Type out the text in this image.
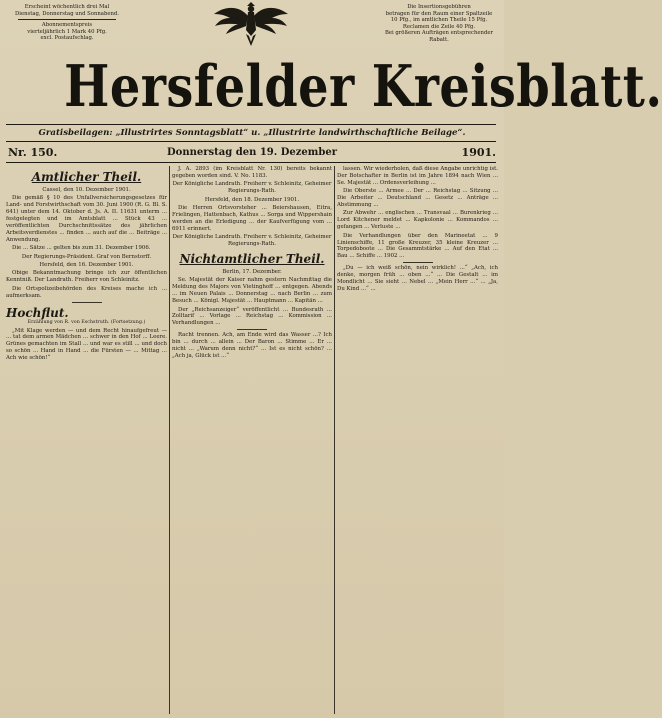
Erscheint wöchentlich drei Mal
Dienstag, Donnerstag und Sonnabend.
Abonnementspreis
vierteljährlich 1 Mark 40 Pfg.
excl. Postaufschlag.
Die Insertionsgebühren
betragen für den Raum einer Spaltzeile
10 Pfg., im amtlichen Theile 15 Pfg.
Reclamen die Zeile 40 Pfg.
Bei größeren Aufträgen entsprechender
Rabatt.
Hersfelder Kreisblatt.
Gratisbeilagen: „Illustrirtes Sonntagsblatt“ u. „Illustrirte landwirthschaftliche Beilage“.
Nr. 150.	Donnerstag den 19. Dezember	1901.
Amtlicher Theil.
Cassel, den 10. Dezember 1901.
Die gemäß § 10 des Unfallversicherungsgesetzes für Land- und Forstwirthschaft vom 30. Juni 1900 (R. G. Bl. S. 641) unter dem 14. Oktober d. Js. A. II. 11631 unterm ... festgelegten und im Amtsblatt ... Stück 43 ... veröffentlichten Durchschnittssätze des jährlichen Arbeitsverdienstes ... finden ... auch auf die ... Beiträge ... Anwendung.
Die ... Sätze ... gelten bis zum 31. Dezember 1906.
Der Regierungs-Präsident. Graf von Bernstorff.
Hersfeld, den 16. Dezember 1901.
Obige Bekanntmachung bringe ich zur öffentlichen Kenntniß. Der Landrath. Freiherr von Schleinitz.
Die Ortspolizeibehörden des Kreises mache ich ... aufmerksam.
Hochflut.
Erzählung von R. von Eschstruth. (Fortsetzung.)
„Mit Klage werden — und dem Recht hinaufgefreut — ... tat dem armen Mädchen ... schwer in den Hof ... Leere. Grünes gemachten im Stall ... und war es still ... und doch so schön ... Hand in Hand ... die Fürsten — ... Mittag ... Ach wie schön!“
J. A. 2893 (im Kreisblatt Nr. 130) bereits bekannt gegeben worden sind. V. No. 1183.
Der Königliche Landrath. Freiherr v. Schleinitz, Geheimer Regierungs-Rath.
Hersfeld, den 18. Dezember 1901.
Die Herren Ortsvorsteher ... Beiershausen, Eitra, Frielingen, Hattenbach, Kathus ... Sorga und Wippershain werden an die Erledigung ... der Kaufverfügung vom ... 6911 erinnert.
Der Königliche Landrath. Freiherr v. Schleinitz, Geheimer Regierungs-Rath.
Nichtamtlicher Theil.
Berlin, 17. Dezember.
Se. Majestät der Kaiser nahm gestern Nachmittag die Meldung des Majors von Vietinghoff ... entgegen. Abends ... im Neuen Palais ... Donnerstag ... nach Berlin ... zum Besuch ... Königl. Majestät ... Hauptmann ... Kapitän ...
Der „Reichsanzeiger“ veröffentlicht ... Bundesrath ... Zolltarif ... Vorlage ... Reichstag ... Kommission ... Verhandlungen ...
Racht trennen. Ach, am Ende wird das Wasser ...? Ich bin ... durch ... allein ... Der Baron ... Stimme ... Er ... nicht ... „Warum denn nicht?“ ... Ist es nicht schön? ... „Ach ja, Glück ist ...“
lassen. Wir wiederholen, daß diese Angabe unrichtig ist. Der Botschafter in Berlin ist im Jahre 1894 nach Wien ... Se. Majestät ... Ordensverleihung ...
Die Oberste ... Armee ... Der ... Reichstag ... Sitzung ... Die Arbeiter ... Deutschland ... Gesetz ... Anträge ... Abstimmung ...
Zur Abwehr ... englischen ... Transvaal ... Burenkrieg ... Lord Kitchener meldet ... Kapkolonie ... Kommandos ... gefangen ... Verluste ...
Die Verhandlungen über den Marineetat ... 9 Linienschiffe, 11 große Kreuzer, 35 kleine Kreuzer ... Torpedoboote ... Die Gesammtstärke ... Auf den Etat ... Bau ... Schiffe ... 1902 ...
„Du — ich weiß schön, nein wirklich! ...“ „Ach, ich denke, morgen früh ... oben ...“ ... Die Gestalt ... im Mondlicht ... Sie sieht ... Nebel ... „Mein Herr ...“ ... „Ja, Du Kind ...“ ...
